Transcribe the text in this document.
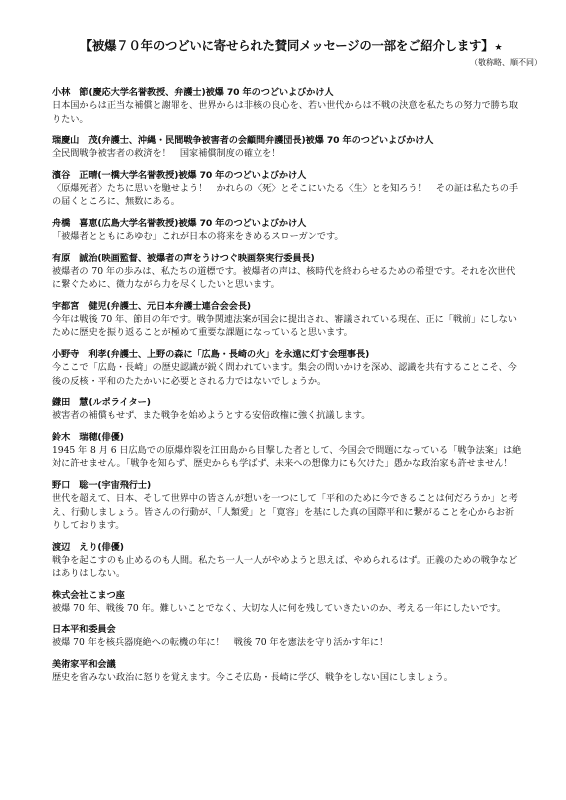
【被爆７０年のつどいに寄せられた賛同メッセージの一部をご紹介します】★
（敬称略、順不同）
小林　節(慶応大学名誉教授、弁護士)被爆 70 年のつどいよびかけ人
日本国からは正当な補償と謝罪を、世界からは非核の良心を、若い世代からは不戦の決意を私たちの努力で勝ち取りたい。
瑞慶山　茂(弁護士、沖縄・民間戦争被害者の会顧問弁護団長)被爆 70 年のつどいよびかけ人
全民間戦争被害者の救済を！　国家補償制度の確立を！
濱谷　正晴(一橋大学名誉教授)被爆 70 年のつどいよびかけ人
〈原爆死者〉たちに思いを馳せよう！　かれらの〈死〉とそこにいたる〈生〉とを知ろう！　その証は私たちの手の届くところに、無数にある。
舟橋　喜恵(広島大学名誉教授)被爆 70 年のつどいよびかけ人
「被爆者とともにあゆむ」これが日本の将来をきめるスローガンです。
有原　誠治(映画監督、被爆者の声をうけつぐ映画祭実行委員長)
被爆者の 70 年の歩みは、私たちの道標です。被爆者の声は、核時代を終わらせるための希望です。それを次世代に繋ぐために、微力ながら力を尽くしたいと思います。
宇都宮　健児(弁護士、元日本弁護士連合会会長)
今年は戦後 70 年、節目の年です。戦争関連法案が国会に提出され、審議されている現在、正に「戦前」にしないために歴史を振り返ることが極めて重要な課題になっていると思います。
小野寺　利孝(弁護士、上野の森に「広島・長崎の火」を永遠に灯す会理事長)
今ここで「広島・長崎」の歴史認識が鋭く問われています。集会の問いかけを深め、認識を共有することこそ、今後の反核・平和のたたかいに必要とされる力ではないでしょうか。
鎌田　慧(ルポライター)
被害者の補償もせず、また戦争を始めようとする安倍政権に強く抗議します。
鈴木　瑞穂(俳優)
1945 年 8 月 6 日広島での原爆炸裂を江田島から目撃した者として、今国会で問題になっている「戦争法案」は絶対に許せません。「戦争を知らず、歴史からも学ばず、未来への想像力にも欠けた」愚かな政治家も許せません！
野口　聡一(宇宙飛行士)
世代を超えて、日本、そして世界中の皆さんが想いを一つにして「平和のために今できることは何だろうか」と考え、行動しましょう。皆さんの行動が、「人類愛」と「寛容」を基にした真の国際平和に繋がることを心からお祈りしております。
渡辺　えり(俳優)
戦争を起こすのも止めるのも人間。私たち一人一人がやめようと思えば、やめられるはず。正義のための戦争などはありはしない。
株式会社こまつ座
被爆 70 年、戦後 70 年。難しいことでなく、大切な人に何を残していきたいのか、考える一年にしたいです。
日本平和委員会
被爆 70 年を核兵器廃絶への転機の年に！　戦後 70 年を憲法を守り活かす年に！
美術家平和会議
歴史を省みない政治に怒りを覚えます。今こそ広島・長崎に学び、戦争をしない国にしましょう。
